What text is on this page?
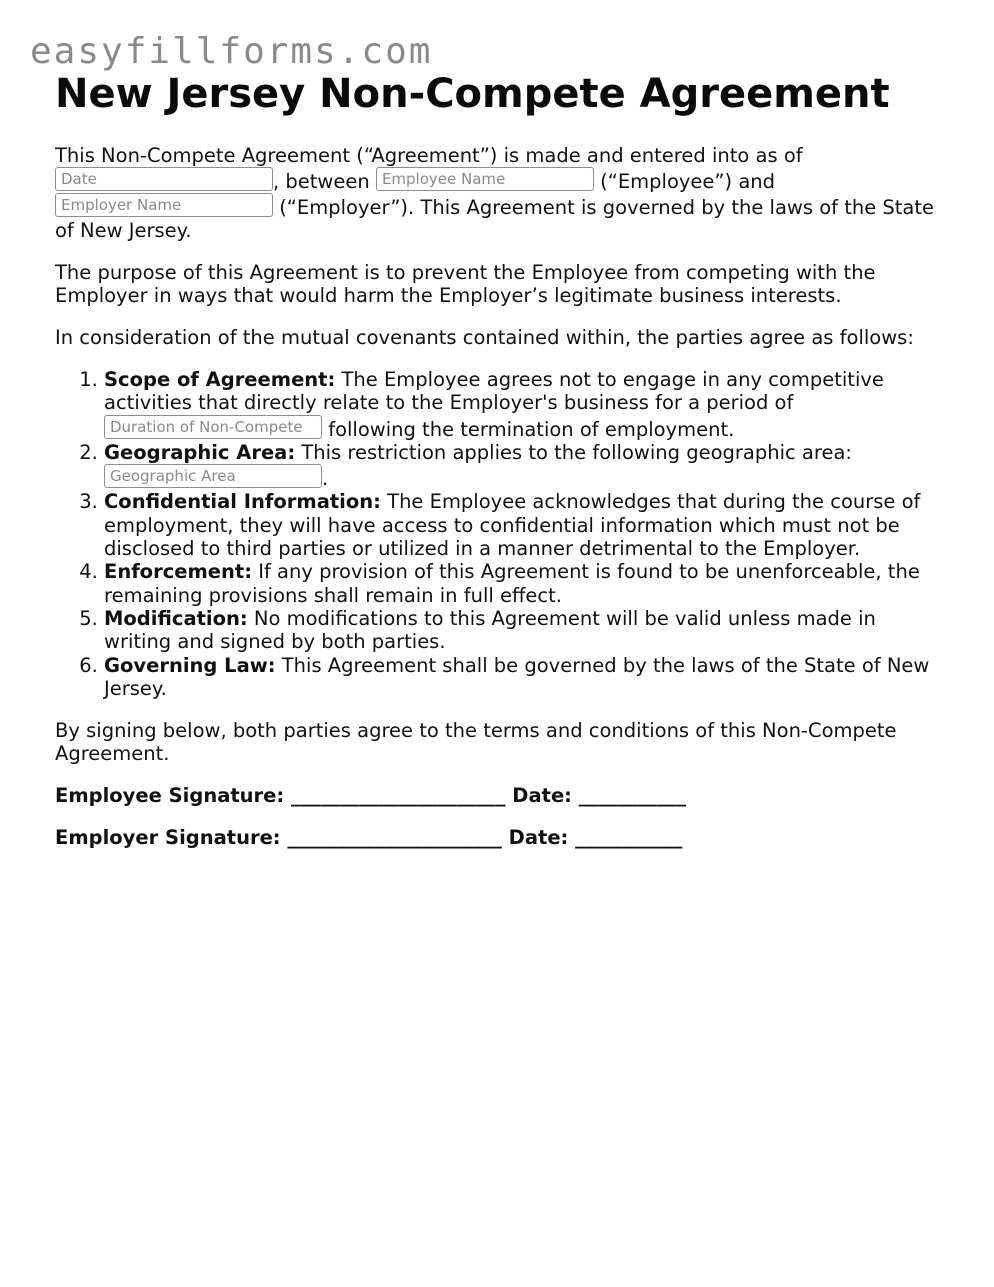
easyfillforms.com
New Jersey Non-Compete Agreement

This Non-Compete Agreement (“Agreement”) is made and entered into as of
Date	, between Employee Name	(“Employee”) and
Employer Name	(“Employer”). This Agreement is governed by the laws of the State of New Jersey.

The purpose of this Agreement is to prevent the Employee from competing with the Employer in ways that would harm the Employer’s legitimate business interests.

In consideration of the mutual covenants contained within, the parties agree as follows:

1. Scope of Agreement: The Employee agrees not to engage in any competitive activities that directly relate to the Employer's business for a period of Duration of Non-Compete following the termination of employment.
2. Geographic Area: This restriction applies to the following geographic area: Geographic Area	.
3. Confidential Information: The Employee acknowledges that during the course of employment, they will have access to confidential information which must not be disclosed to third parties or utilized in a manner detrimental to the Employer.
4. Enforcement: If any provision of this Agreement is found to be unenforceable, the remaining provisions shall remain in full effect.
5. Modification: No modifications to this Agreement will be valid unless made in writing and signed by both parties.
6. Governing Law: This Agreement shall be governed by the laws of the State of New Jersey.

By signing below, both parties agree to the terms and conditions of this Non-Compete Agreement.

Employee Signature: ______________________ Date: ___________

Employer Signature: ______________________ Date: ___________
